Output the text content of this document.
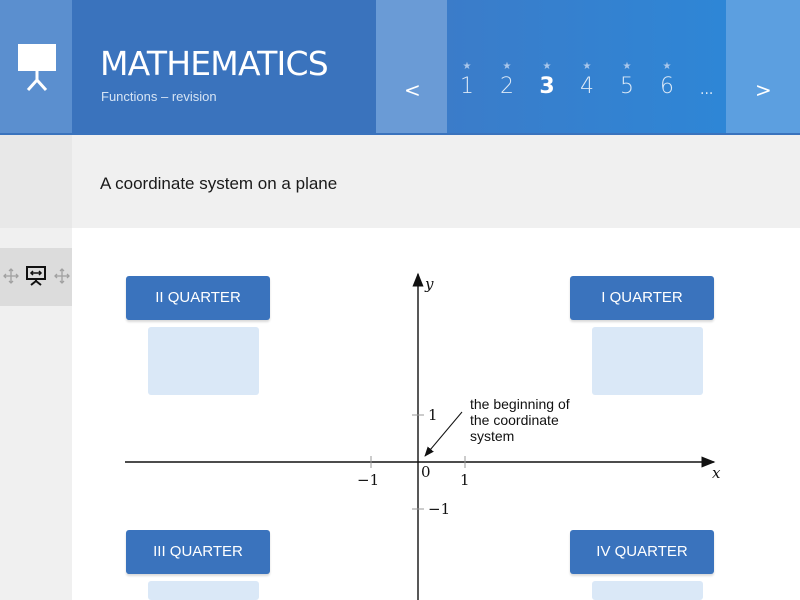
MATHEMATICS
Functions – revision	<	>
★
1
★
2
★
3
★
4
★
5
★
6	...
A coordinate system on a plane
x
y
0 1
−1
1
−1
the beginning of
the coordinate
system
II QUARTER	I QUARTER
III QUARTER	IV QUARTER
